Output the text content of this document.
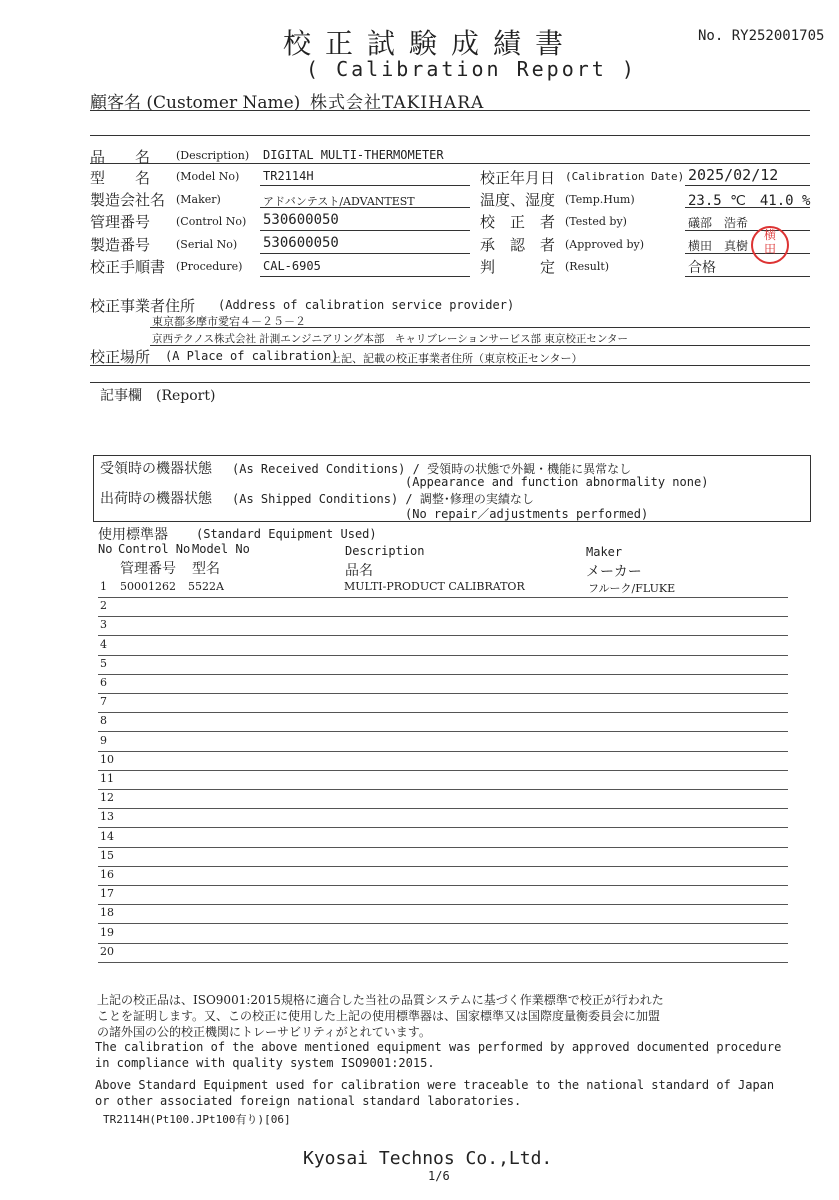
校正試験成績書
( Calibration Report )
No. RY252001705
顧客名 (Customer Name) 株式会社TAKIHARA
品　　名 (Description) DIGITAL MULTI-THERMOMETER
型　　名 (Model No) TR2114H
製造会社名 (Maker)	アドバンテスト/ADVANTEST
管理番号 (Control No) 530600050
製造番号 (Serial No) 530600050
校正手順書 (Procedure) CAL-6905
校正年月日 (Calibration Date) 2025/02/12
温度、湿度 (Temp.Hum)	23.5 ℃　41.0 %
校　正　者 (Tested by)	礒部　浩希
承　認　者 (Approved by)	横田　真樹
判　　　定 (Result)	合格
横
田
校正事業者住所 (Address of calibration service provider)
東京都多摩市愛宕４－２５－２
京西テクノス株式会社 計測エンジニアリング本部　キャリブレーションサービス部 東京校正センター
校正場所 (A Place of calibration)
上記、記載の校正事業者住所（東京校正センター）
記事欄　(Report)
受領時の機器状態 (As Received Conditions) / 受領時の状態で外観・機能に異常なし
(Appearance and function abnormality none)
出荷時の機器状態 (As Shipped Conditions) / 調整･修理の実績なし
(No repair／adjustments performed)
使用標準器 (Standard Equipment Used)
No Control No Model No	Description	Maker
管理番号 型名	品名	メーカー
1 50001262 5522A	MULTI-PRODUCT CALIBRATOR	フルーク/FLUKE
2
3
4
5
6
7
8
9
10
11
12
13
14
15
16
17
18
19
20
上記の校正品は、ISO9001:2015規格に適合した当社の品質システムに基づく作業標準で校正が行われた
ことを証明します。又、この校正に使用した上記の使用標準器は、国家標準又は国際度量衡委員会に加盟
の諸外国の公的校正機関にトレーサビリティがとれています。
The calibration of the above mentioned equipment was performed by approved documented procedure
in compliance with quality system ISO9001:2015.
Above Standard Equipment used for calibration were traceable to the national standard of Japan
or other associated foreign national standard laboratories.
TR2114H(Pt100.JPt100有り)[06]
Kyosai Technos Co.,Ltd.
1/6
